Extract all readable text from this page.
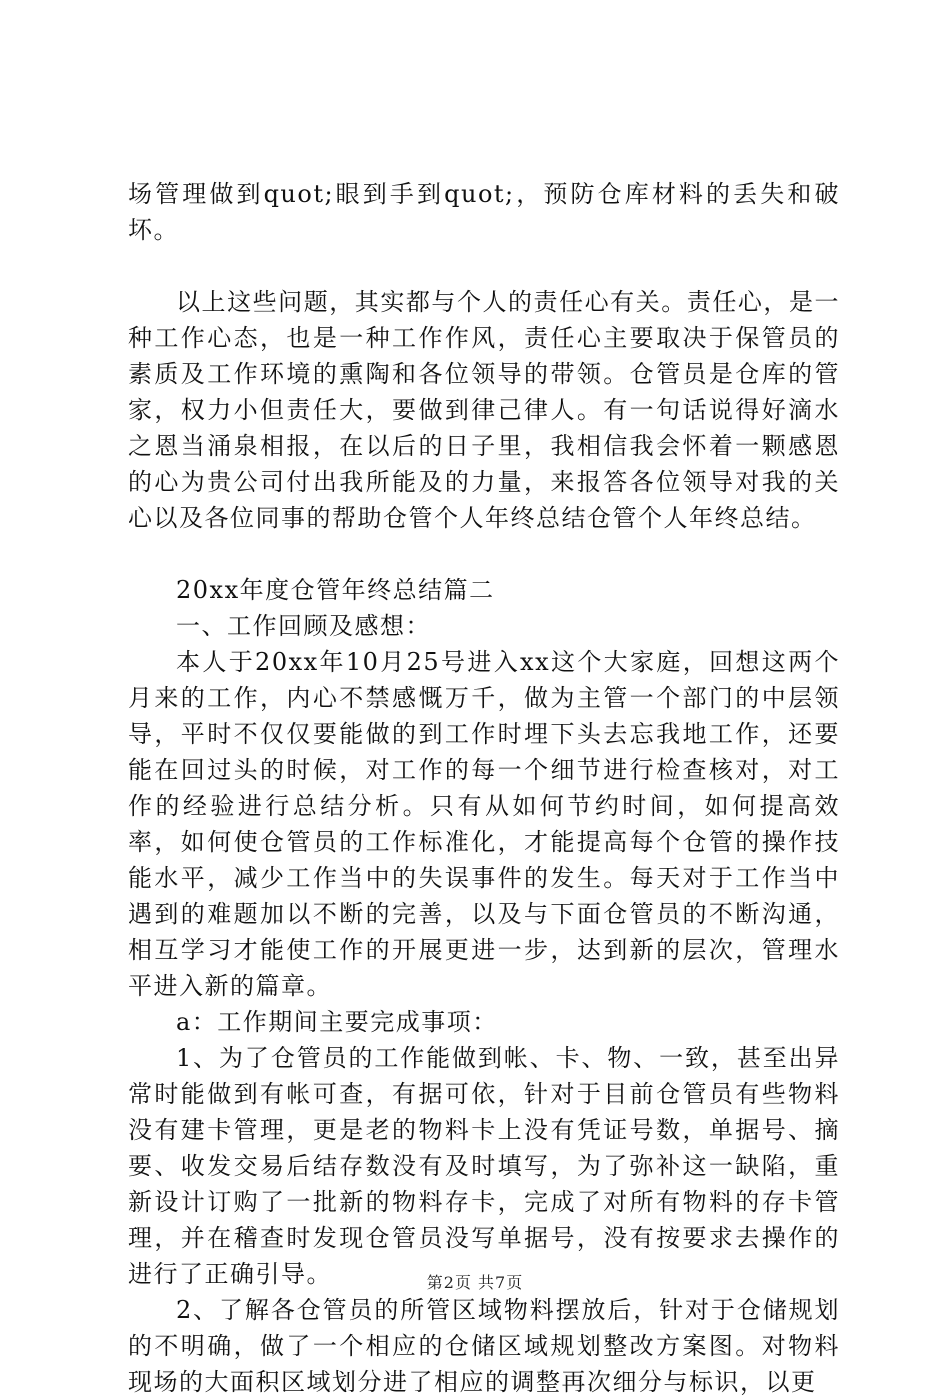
场管理做到quot;眼到手到quot;，预防仓库材料的丢失和破坏。

以上这些问题，其实都与个人的责任心有关。责任心，是一种工作心态，也是一种工作作风，责任心主要取决于保管员的素质及工作环境的熏陶和各位领导的带领。仓管员是仓库的管家，权力小但责任大，要做到律己律人。有一句话说得好滴水之恩当涌泉相报，在以后的日子里，我相信我会怀着一颗感恩的心为贵公司付出我所能及的力量，来报答各位领导对我的关心以及各位同事的帮助仓管个人年终总结仓管个人年终总结。

20xx年度仓管年终总结篇二

一、工作回顾及感想：

本人于20xx年10月25号进入xx这个大家庭，回想这两个月来的工作，内心不禁感慨万千，做为主管一个部门的中层领导，平时不仅仅要能做的到工作时埋下头去忘我地工作，还要能在回过头的时候，对工作的每一个细节进行检查核对，对工作的经验进行总结分析。只有从如何节约时间，如何提高效率，如何使仓管员的工作标准化，才能提高每个仓管的操作技能水平，减少工作当中的失误事件的发生。每天对于工作当中遇到的难题加以不断的完善，以及与下面仓管员的不断沟通，相互学习才能使工作的开展更进一步，达到新的层次，管理水平进入新的篇章。

a：工作期间主要完成事项：

1、为了仓管员的工作能做到帐、卡、物、一致，甚至出异常时能做到有帐可查，有据可依，针对于目前仓管员有些物料没有建卡管理，更是老的物料卡上没有凭证号数，单据号、摘要、收发交易后结存数没有及时填写，为了弥补这一缺陷，重新设计订购了一批新的物料存卡，完成了对所有物料的存卡管理，并在稽查时发现仓管员没写单据号，没有按要求去操作的进行了正确引导。

2、了解各仓管员的所管区域物料摆放后，针对于仓储规划的不明确，做了一个相应的仓储区域规划整改方案图。对物料现场的大面积区域划分进了相应的调整再次细分与标识，以更

第2页 共7页
